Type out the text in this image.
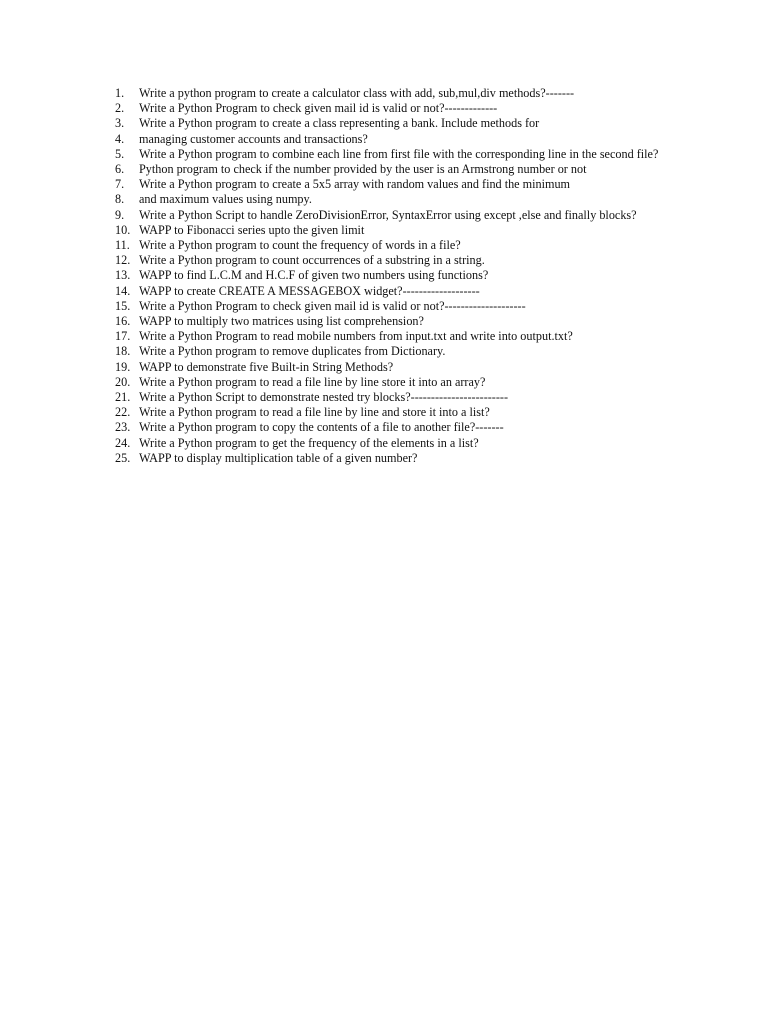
1.	Write a python program to create a calculator class with add, sub,mul,div methods?-------
2.	Write a Python Program to check given mail id is valid or not?-------------
3.	Write a Python program to create a class representing a bank. Include methods for
4.	managing customer accounts and transactions?
5.	Write a Python program to combine each line from first file with the corresponding line in the second file?
6.	Python program to check if the number provided by the user is an Armstrong number or not
7.	Write a Python program to create a 5x5 array with random values and find the minimum
8.	and maximum values using numpy.
9.	Write a Python Script to handle ZeroDivisionError, SyntaxError using except ,else and finally blocks?
10. WAPP to Fibonacci series upto the given limit
11. Write a Python program to count the frequency of words in a file?
12. Write a Python program to count occurrences of a substring in a string.
13. WAPP to find L.C.M and H.C.F of given two numbers using functions?
14. WAPP to create CREATE A MESSAGEBOX widget?-------------------
15. Write a Python Program to check given mail id is valid or not?--------------------
16. WAPP to multiply two matrices using list comprehension?
17. Write a Python Program to read mobile numbers from input.txt and write into output.txt?
18. Write a Python program to remove duplicates from Dictionary.
19. WAPP to demonstrate five Built-in String Methods?
20. Write a Python program to read a file line by line store it into an array?
21. Write a Python Script to demonstrate nested try blocks?------------------------
22. Write a Python program to read a file line by line and store it into a list?
23. Write a Python program to copy the contents of a file to another file?-------
24. Write a Python program to get the frequency of the elements in a list?
25. WAPP to display multiplication table of a given number?
